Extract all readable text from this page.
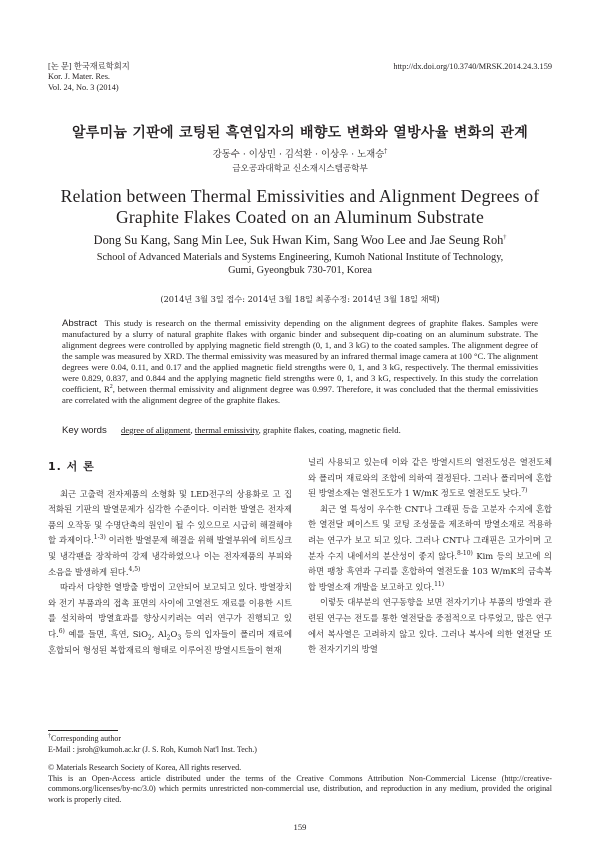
[논 문] 한국재료학회지
Kor. J. Mater. Res.
Vol. 24, No. 3 (2014)
http://dx.doi.org/10.3740/MRSK.2014.24.3.159
알루미늄 기판에 코팅된 흑연입자의 배향도 변화와 열방사율 변화의 관계
강동수 · 이상민 · 김석환 · 이상우 · 노재승†
금오공과대학교 신소재시스템공학부
Relation between Thermal Emissivities and Alignment Degrees of
Graphite Flakes Coated on an Aluminum Substrate
Dong Su Kang, Sang Min Lee, Suk Hwan Kim, Sang Woo Lee and Jae Seung Roh†
School of Advanced Materials and Systems Engineering, Kumoh National Institute of Technology,
Gumi, Gyeongbuk 730-701, Korea
(2014년 3월 3일 접수: 2014년 3월 18일 최종수정: 2014년 3월 18일 채택)
Abstract This study is research on the thermal emissivity depending on the alignment degrees of graphite flakes. Samples were manufactured by a slurry of natural graphite flakes with organic binder and subsequent dip-coating on an aluminum substrate. The alignment degrees were controlled by applying magnetic field strength (0, 1, and 3 kG) to the coated samples. The alignment degree of the sample was measured by XRD. The thermal emissivity was measured by an infrared thermal image camera at 100 °C. The alignment degrees were 0.04, 0.11, and 0.17 and the applied magnetic field strengths were 0, 1, and 3 kG, respectively. The thermal emissivities were 0.829, 0.837, and 0.844 and the applying magnetic field strengths were 0, 1, and 3 kG, respectively. In this study the correlation coefficient, $R^2$, between thermal emissivity and alignment degree was 0.997. Therefore, it was concluded that the thermal emissivities are correlated with the alignment degree of the graphite flakes.
Key words degree of alignment, thermal emissivity, graphite flakes, coating, magnetic field.
1. 서 론

최근 고출력 전자제품의 소형화 및 LED전구의 상용화로 고 집적화된 기판의 발열문제가 심각한 수준이다. 이러한 발열은 전자제품의 오작동 및 수명단축의 원인이 될 수 있으므로 시급히 해결해야 할 과제이다.$^{1-3)}$ 이러한 발열문제 해결을 위해 발열부위에 히트싱크 및 냉각팬을 장착하여 강제 냉각하였으나 이는 전자제품의 부피와 소음을 발생하게 된다.$^{4,5)}$

따라서 다양한 열방출 방법이 고안되어 보고되고 있다. 방열장치와 전기 부품과의 접촉 표면의 사이에 고열전도 재료를 이용한 시트를 설치하여 방열효과를 향상시키려는 여러 연구가 진행되고 있다.$^{6)}$ 예를 들면, 흑연, SiO$_2$, $Al_2O_3$ 등의 입자들이 폴리머 재료에 혼합되어 형성된 복합재료의 형태로 이루어진 방열시트들이 현재

널리 사용되고 있는데 이와 같은 방열시트의 열전도성은 열전도체와 폴리머 재료와의 조합에 의하여 결정된다. 그러나 폴리머에 혼합된 방열소재는 열전도도가 1 W/mK 정도로 열전도도 낮다.$^{7)}$

최근 열 특성이 우수한 CNT나 그래핀 등을 고분자 수지에 혼합한 열전달 페이스트 및 코팅 조성물을 제조하여 방열소재로 적용하려는 연구가 보고 되고 있다. 그러나 CNT나 그래핀은 고가이며 고분자 수지 내에서의 분산성이 좋지 않다.$^{8-10)}$ Kim 등의 보고에 의하면 팽창 흑연과 구리를 혼합하여 열전도율 103 W/mK의 금속복합 방열소재 개발을 보고하고 있다.$^{11)}$

이렇듯 대부분의 연구동향을 보면 전자기기나 부품의 방열과 관련된 연구는 전도를 통한 열전달을 중점적으로 다루었고, 많은 연구에서 복사열은 고려하지 않고 있다. 그러나 복사에 의한 열전달 또한 전자기기의 방열

†Corresponding author
E-Mail : jsroh@kumoh.ac.kr (J. S. Roh, Kumoh Nat'l Inst. Tech.)
© Materials Research Society of Korea, All rights reserved.
This is an Open-Access article distributed under the terms of the Creative Commons Attribution Non-Commercial License (http://creative-commons.org/licenses/by-nc/3.0) which permits unrestricted non-commercial use, distribution, and reproduction in any medium, provided the original work is properly cited.
159
